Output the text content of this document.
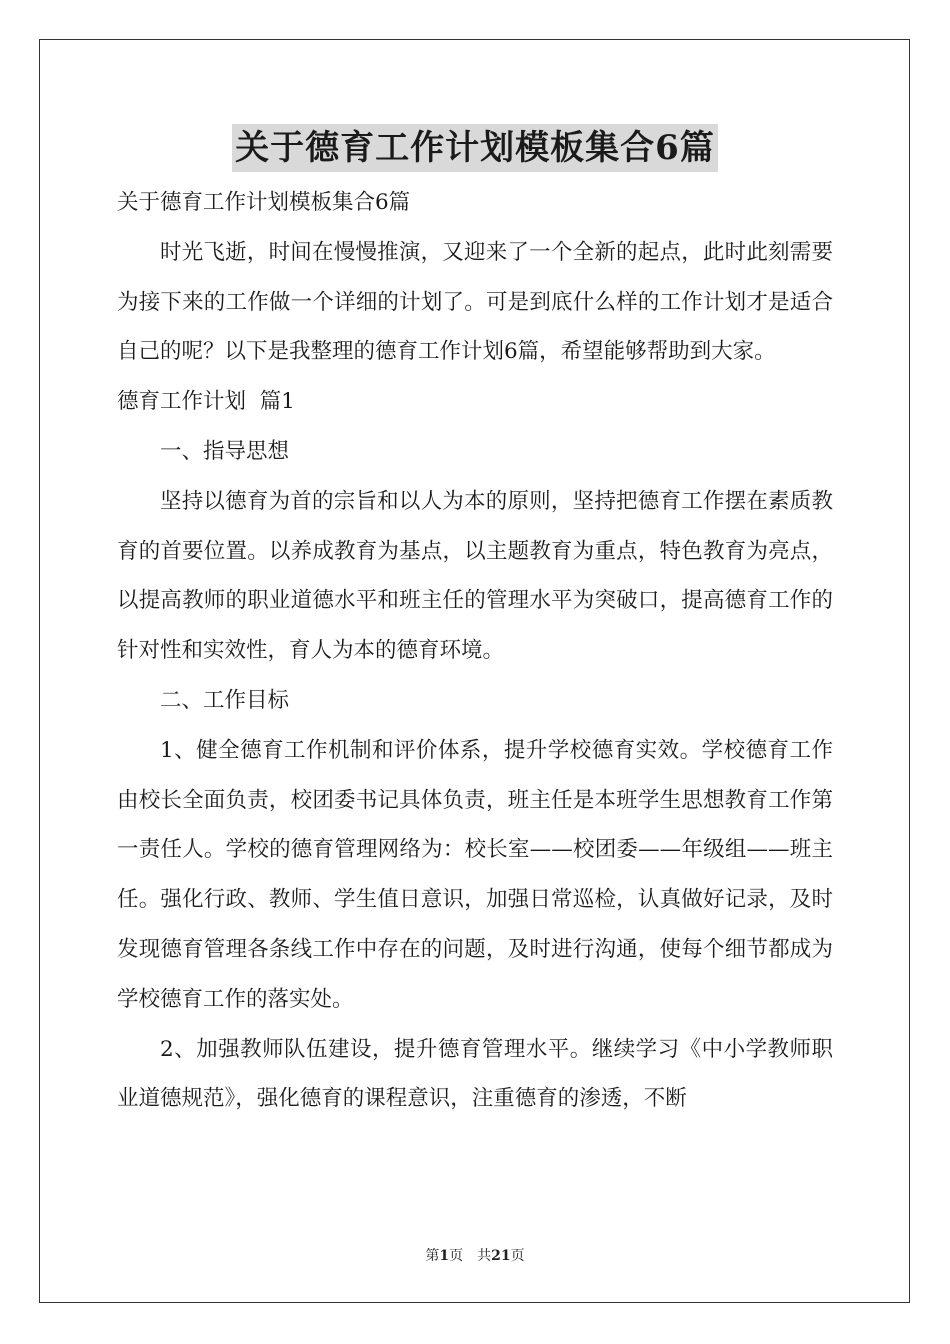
关于德育工作计划模板集合6篇

关于德育工作计划模板集合6篇

时光飞逝，时间在慢慢推演，又迎来了一个全新的起点，此时此刻需要为接下来的工作做一个详细的计划了。可是到底什么样的工作计划才是适合自己的呢？以下是我整理的德育工作计划6篇，希望能够帮助到大家。

德育工作计划  篇1

一、指导思想

坚持以德育为首的宗旨和以人为本的原则，坚持把德育工作摆在素质教育的首要位置。以养成教育为基点，以主题教育为重点，特色教育为亮点，以提高教师的职业道德水平和班主任的管理水平为突破口，提高德育工作的针对性和实效性，育人为本的德育环境。

二、工作目标

1、健全德育工作机制和评价体系，提升学校德育实效。学校德育工作由校长全面负责，校团委书记具体负责，班主任是本班学生思想教育工作第一责任人。学校的德育管理网络为：校长室——校团委——年级组——班主任。强化行政、教师、学生值日意识，加强日常巡检，认真做好记录，及时发现德育管理各条线工作中存在的问题，及时进行沟通，使每个细节都成为学校德育工作的落实处。

2、加强教师队伍建设，提升德育管理水平。继续学习《中小学教师职业道德规范》，强化德育的课程意识，注重德育的渗透，不断

第1页　共21页
